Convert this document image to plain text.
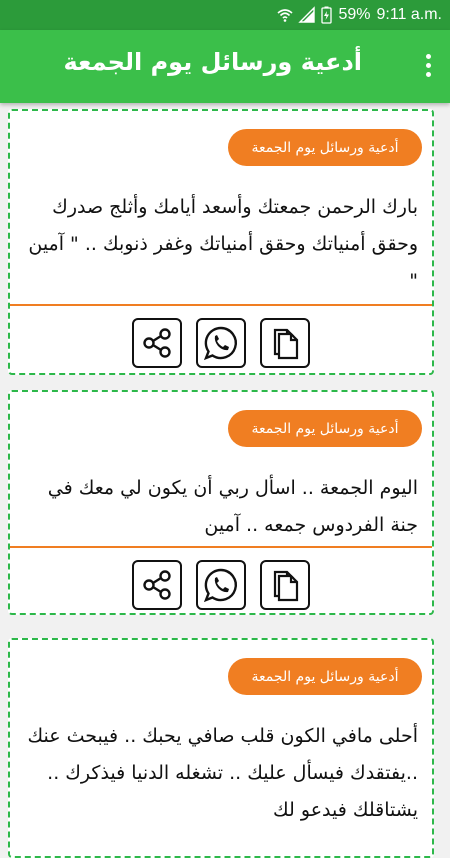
59% 9:11 a.m.
أدعية ورسائل يوم الجمعة
أدعية ورسائل يوم الجمعة
بارك الرحمن جمعتك وأسعد أيامك وأثلج صدرك وحقق أمنياتك وحقق أمنياتك وغفر ذنوبك .. " آمين "
أدعية ورسائل يوم الجمعة
اليوم الجمعة .. اسأل ربي أن يكون لي معك في جنة الفردوس جمعه .. آمين
أدعية ورسائل يوم الجمعة
أحلى مافي الكون قلب صافي يحبك .. فيبحث عنك ..يفتقدك فيسأل عليك .. تشغله الدنيا فيذكرك .. يشتاقلك فيدعو لك
